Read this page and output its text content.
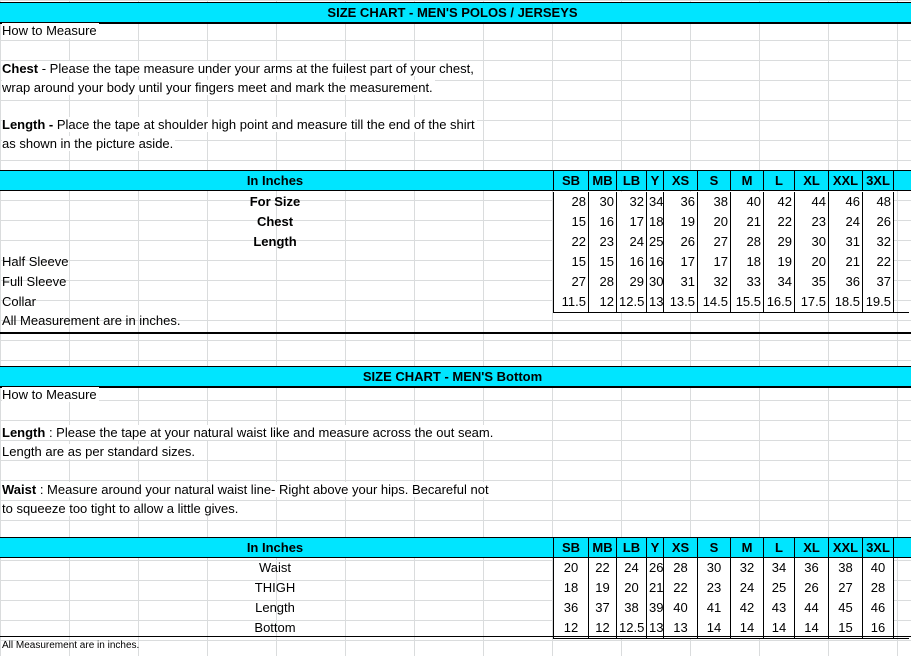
SIZE CHART - MEN'S POLOS / JERSEYS
How to Measure
Chest - Please the tape measure under your arms at the fuilest part of your chest,
wrap around your body until your fingers meet and mark the measurement.
Length - Place the tape at shoulder high point and measure till the end of the shirt
as shown in the picture aside.
In Inches	SB MB LB Y XS	S	M	L	XL	XXL 3XL
For Size	28	30	32 34	36	38	40	42	44	46	48
Chest	15	16	17 18	19	20	21	22	23	24	26
Length	22	23	24 25	26	27	28	29	30	31	32
Half Sleeve	15	15	16 16	17	17	18	19	20	21	22
Full Sleeve	27	28	29 30	31	32	33	34	35	36	37
Collar	11.5	12 12.5 13 13.5 14.5 15.5 16.5 17.5 18.5 19.5
All Measurement are in inches.
SIZE CHART - MEN'S Bottom
How to Measure
Length : Please the tape at your natural waist like and measure across the out seam.
Length are as per standard sizes.
Waist : Measure around your natural waist line- Right above your hips. Becareful not
to squeeze too tight to allow a little gives.
In Inches	SB MB LB Y XS	S	M	L	XL	XXL 3XL
Waist	20	22	24 26 28	30	32	34	36	38	40
THIGH	18	19	20 21 22	23	24	25	26	27	28
Length	36	37	38 39 40	41	42	43	44	45	46
Bottom	12	12 12.5 13 13	14	14	14	14	15	16
All Measurement are in inches.
